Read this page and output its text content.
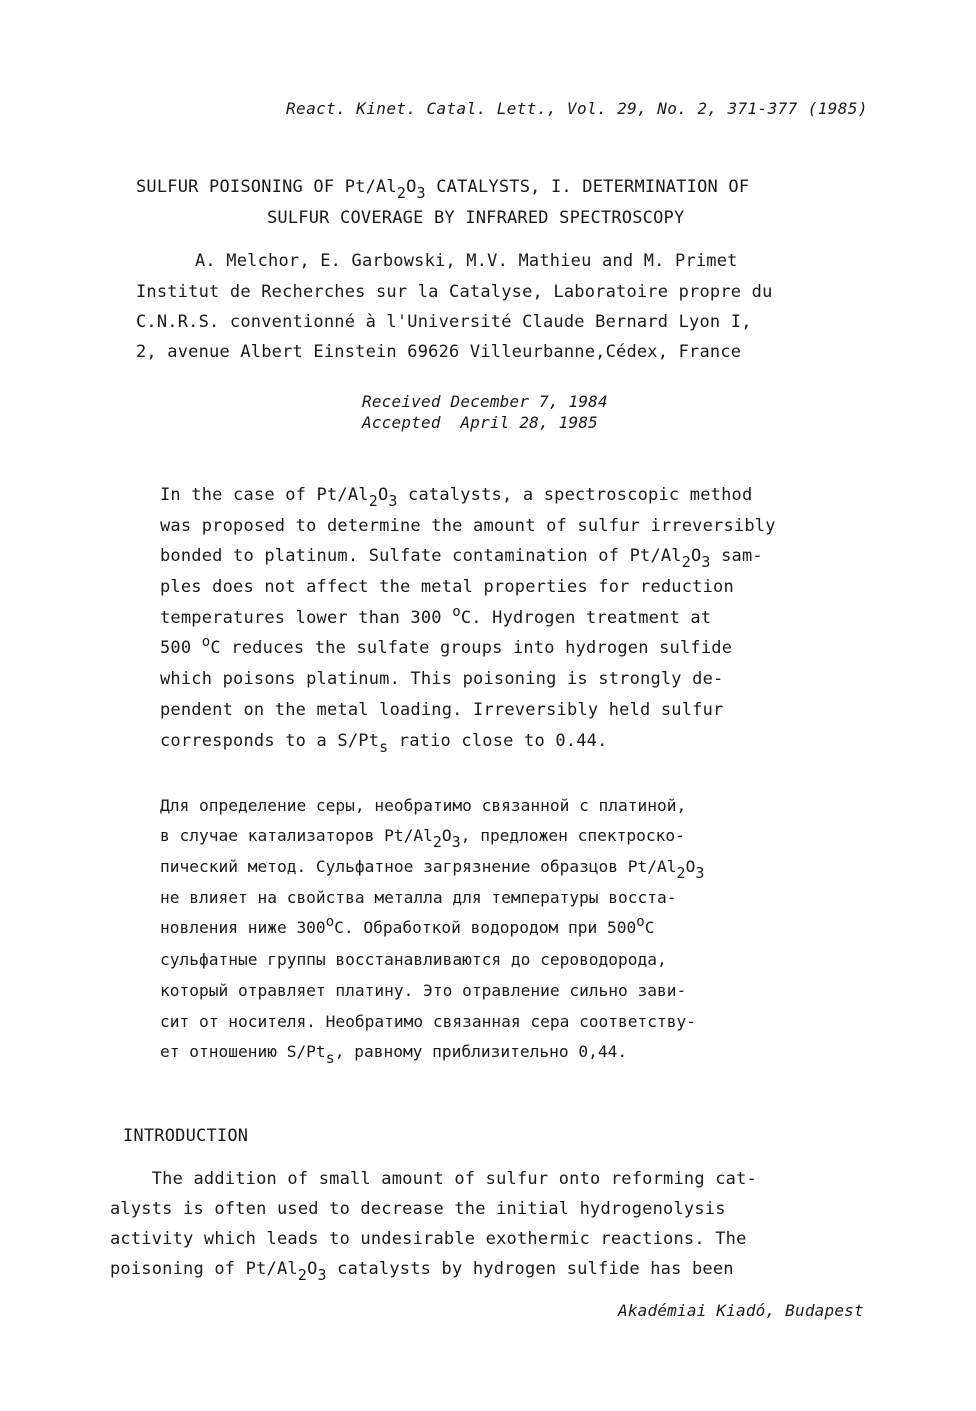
React. Kinet. Catal. Lett., Vol. 29, No. 2, 371-377 (1985)
SULFUR POISONING OF $Pt/Al_2O_3$ CATALYSTS, I. DETERMINATION OF
SULFUR COVERAGE BY INFRARED SPECTROSCOPY
A. Melchor, E. Garbowski, M.V. Mathieu and M. Primet
Institut de Recherches sur la Catalyse, Laboratoire propre du
C.N.R.S. conventionné à l'Université Claude Bernard Lyon I,
2, avenue Albert Einstein 69626 Villeurbanne,Cédex, France
Received December 7, 1984
Accepted  April 28, 1985
In the case of $Pt/Al_2O_3$ catalysts, a spectroscopic method
was proposed to determine the amount of sulfur irreversibly
bonded to platinum. Sulfate contamination of $Pt/Al_2O_3$ sam-
ples does not affect the metal properties for reduction
temperatures lower than 300 $^o$C. Hydrogen treatment at
500 $^o$C reduces the sulfate groups into hydrogen sulfide
which poisons platinum. This poisoning is strongly de-
pendent on the metal loading. Irreversibly held sulfur
corresponds to a $S/Pt_s$ ratio close to 0.44.
Для определение серы, необратимо связанной с платиной,
в случае катализаторов $Pt/Al_2O_3$, предложен спектроско-
пический метод. Сульфатное загрязнение образцов $Pt/Al_2O_3$
не влияет на свойства металла для температуры восста-
новления ниже 300$^o$С. Обработкой водородом при 500$^o$С
сульфатные группы восстанавливаются до сероводорода,
который отравляет платину. Это отравление сильно зави-
сит от носителя. Необратимо связанная сера соответству-
ет отношению $S/Pt_s$, равному приблизительно 0,44.
INTRODUCTION
The addition of small amount of sulfur onto reforming cat-
alysts is often used to decrease the initial hydrogenolysis
activity which leads to undesirable exothermic reactions. The
poisoning of $Pt/Al_2O_3$ catalysts by hydrogen sulfide has been
Akadémiai Kiadó, Budapest
